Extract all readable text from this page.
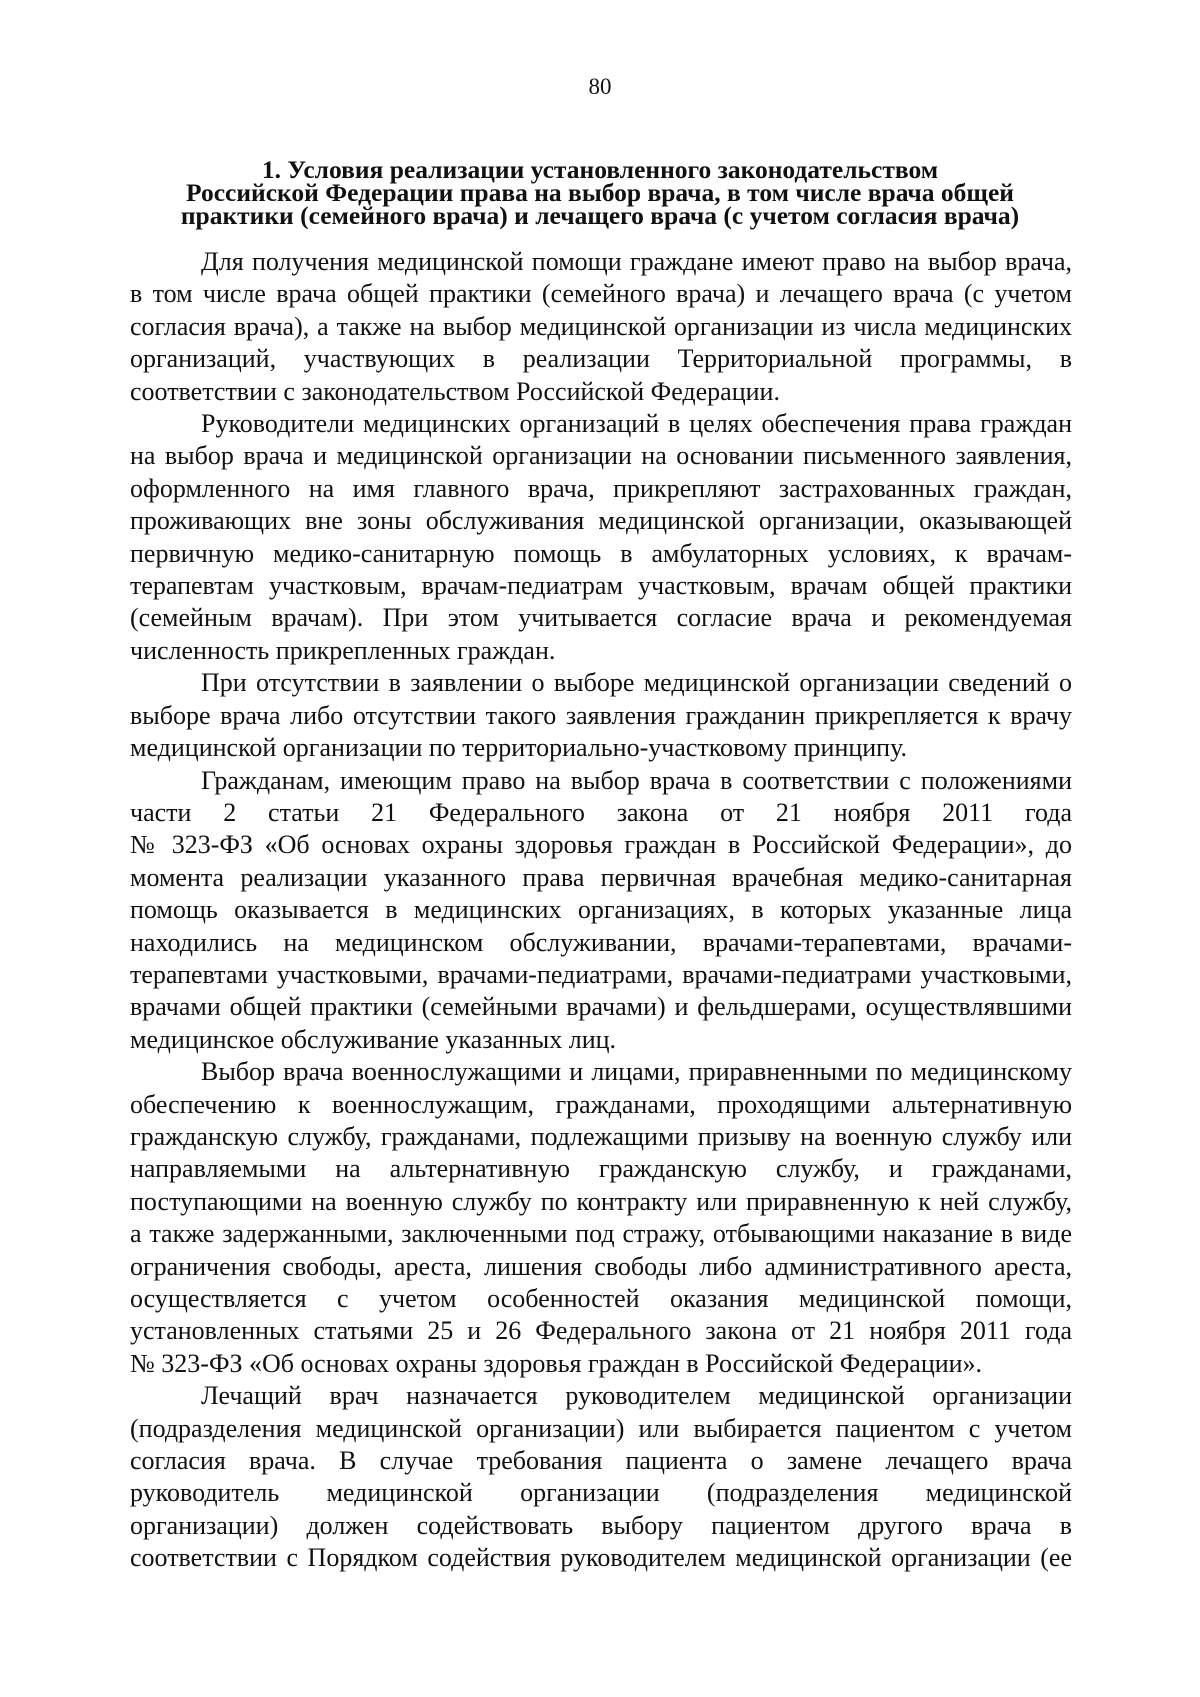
80
1. Условия реализации установленного законодательством
Российской Федерации права на выбор врача, в том числе врача общей
практики (семейного врача) и лечащего врача (с учетом согласия врача)

Для получения медицинской помощи граждане имеют право на выбор врача,
в том числе врача общей практики (семейного врача) и лечащего врача (с учетом
согласия врача), а также на выбор медицинской организации из числа медицинских
организаций, участвующих в реализации Территориальной программы, в
соответствии с законодательством Российской Федерации.

Руководители медицинских организаций в целях обеспечения права граждан
на выбор врача и медицинской организации на основании письменного заявления,
оформленного на имя главного врача, прикрепляют застрахованных граждан,
проживающих вне зоны обслуживания медицинской организации, оказывающей
первичную медико-санитарную помощь в амбулаторных условиях, к врачам-
терапевтам участковым, врачам-педиатрам участковым, врачам общей практики
(семейным врачам). При этом учитывается согласие врача и рекомендуемая
численность прикрепленных граждан.

При отсутствии в заявлении о выборе медицинской организации сведений о
выборе врача либо отсутствии такого заявления гражданин прикрепляется к врачу
медицинской организации по территориально-участковому принципу.

Гражданам, имеющим право на выбор врача в соответствии с положениями
части 2 статьи 21 Федерального закона от 21 ноября 2011 года
№ 323-ФЗ «Об основах охраны здоровья граждан в Российской Федерации», до
момента реализации указанного права первичная врачебная медико-санитарная
помощь оказывается в медицинских организациях, в которых указанные лица
находились на медицинском обслуживании, врачами-терапевтами, врачами-
терапевтами участковыми, врачами-педиатрами, врачами-педиатрами участковыми,
врачами общей практики (семейными врачами) и фельдшерами, осуществлявшими
медицинское обслуживание указанных лиц.

Выбор врача военнослужащими и лицами, приравненными по медицинскому
обеспечению к военнослужащим, гражданами, проходящими альтернативную
гражданскую службу, гражданами, подлежащими призыву на военную службу или
направляемыми на альтернативную гражданскую службу, и гражданами,
поступающими на военную службу по контракту или приравненную к ней службу,
а также задержанными, заключенными под стражу, отбывающими наказание в виде
ограничения свободы, ареста, лишения свободы либо административного ареста,
осуществляется с учетом особенностей оказания медицинской помощи,
установленных статьями 25 и 26 Федерального закона от 21 ноября 2011 года
№ 323-ФЗ «Об основах охраны здоровья граждан в Российской Федерации».

Лечащий врач назначается руководителем медицинской организации
(подразделения медицинской организации) или выбирается пациентом с учетом
согласия врача. В случае требования пациента о замене лечащего врача
руководитель медицинской организации (подразделения медицинской
организации) должен содействовать выбору пациентом другого врача в
соответствии с Порядком содействия руководителем медицинской организации (ее
